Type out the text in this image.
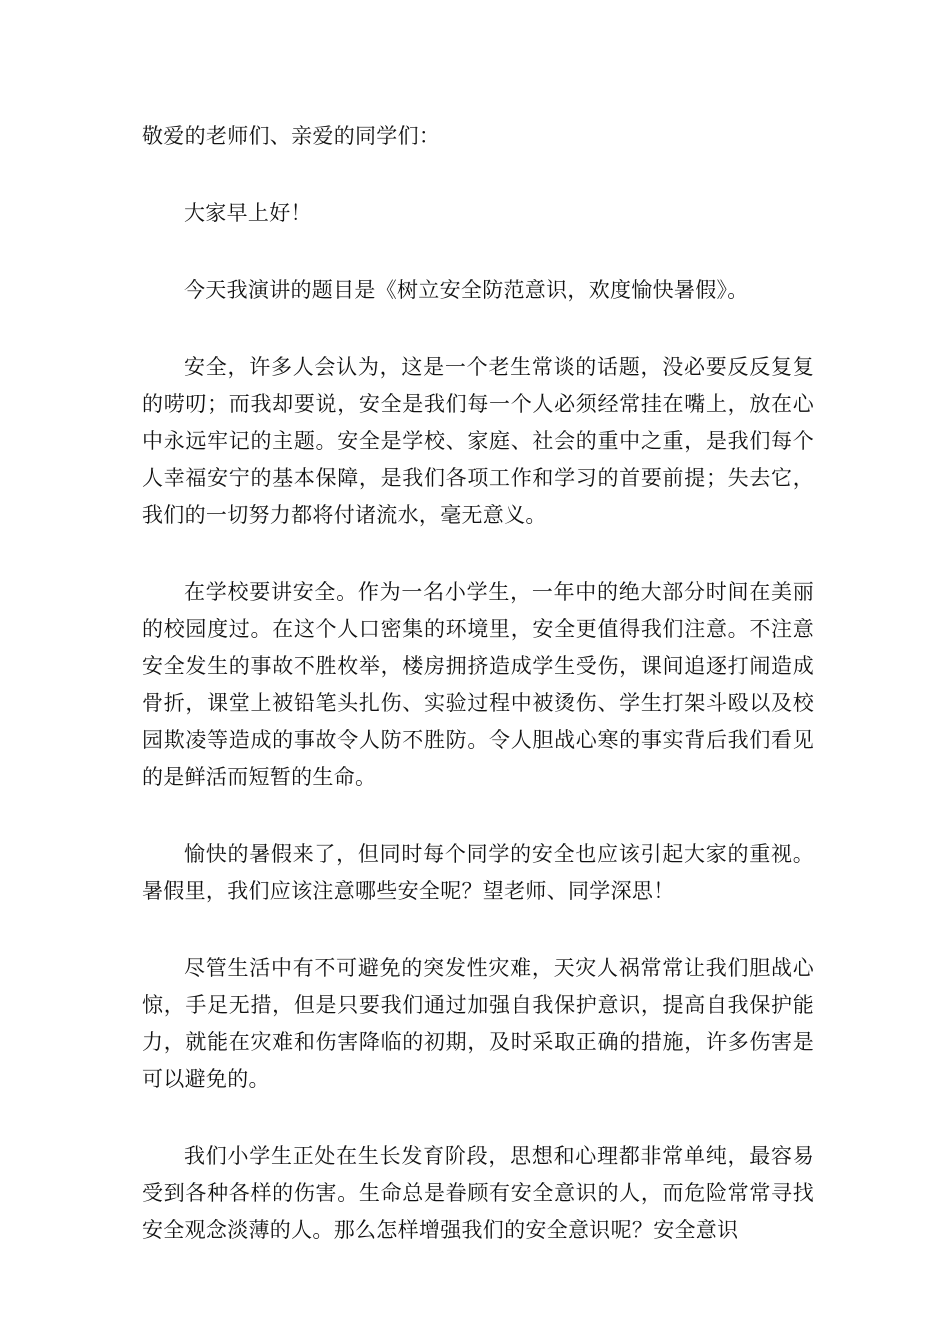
敬爱的老师们、亲爱的同学们：

大家早上好！

今天我演讲的题目是《树立安全防范意识，欢度愉快暑假》。

安全，许多人会认为，这是一个老生常谈的话题，没必要反反复复的唠叨；而我却要说，安全是我们每一个人必须经常挂在嘴上，放在心中永远牢记的主题。安全是学校、家庭、社会的重中之重，是我们每个人幸福安宁的基本保障，是我们各项工作和学习的首要前提；失去它，我们的一切努力都将付诸流水，毫无意义。

在学校要讲安全。作为一名小学生，一年中的绝大部分时间在美丽的校园度过。在这个人口密集的环境里，安全更值得我们注意。不注意安全发生的事故不胜枚举，楼房拥挤造成学生受伤，课间追逐打闹造成骨折，课堂上被铅笔头扎伤、实验过程中被烫伤、学生打架斗殴以及校园欺凌等造成的事故令人防不胜防。令人胆战心寒的事实背后我们看见的是鲜活而短暂的生命。

愉快的暑假来了，但同时每个同学的安全也应该引起大家的重视。暑假里，我们应该注意哪些安全呢？望老师、同学深思！

尽管生活中有不可避免的突发性灾难，天灾人祸常常让我们胆战心惊，手足无措，但是只要我们通过加强自我保护意识，提高自我保护能力，就能在灾难和伤害降临的初期，及时采取正确的措施，许多伤害是可以避免的。

我们小学生正处在生长发育阶段，思想和心理都非常单纯，最容易受到各种各样的伤害。生命总是眷顾有安全意识的人，而危险常常寻找安全观念淡薄的人。那么怎样增强我们的安全意识呢？安全意识
